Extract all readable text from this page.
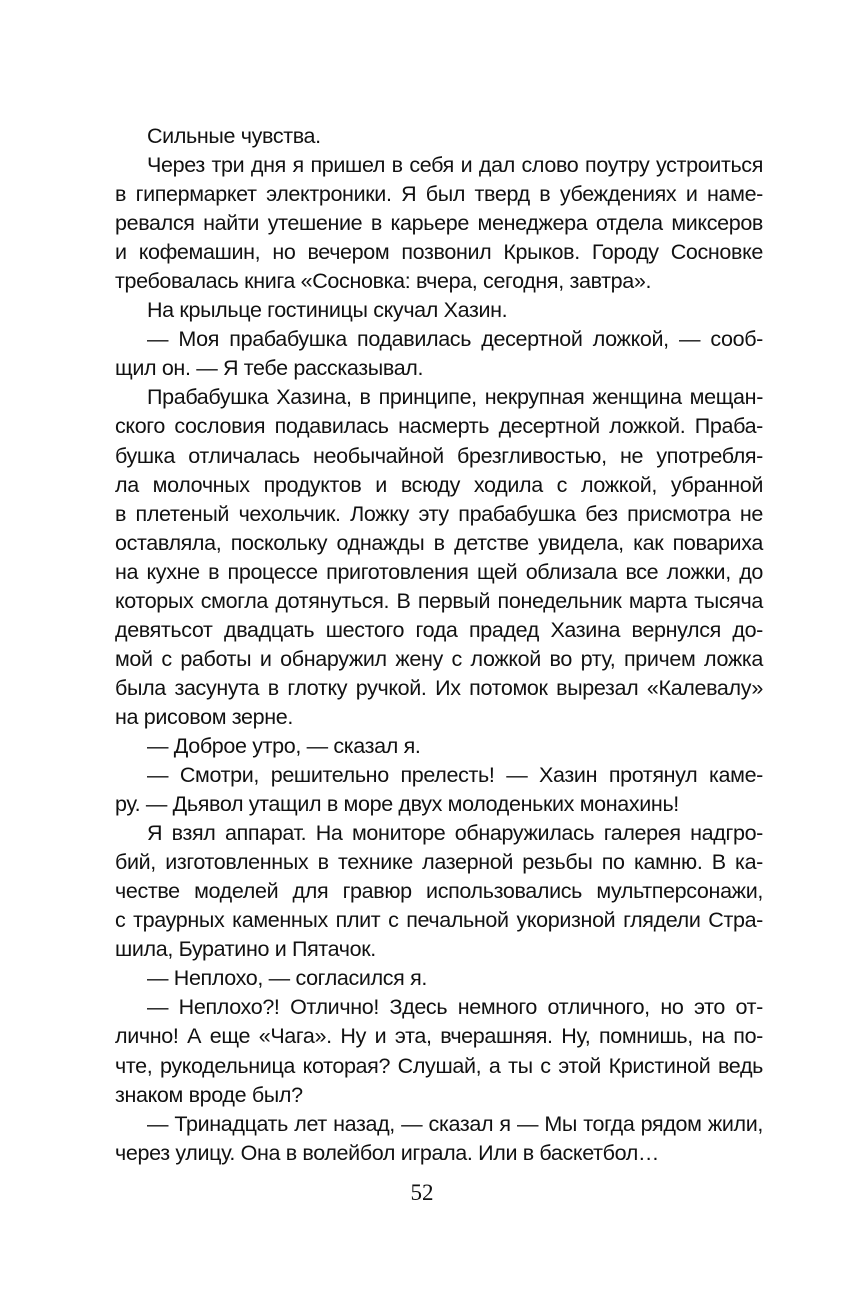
Сильные чувства.
Через три дня я пришел в себя и дал слово поутру устроиться
в гипермаркет электроники. Я был тверд в убеждениях и наме-
ревался найти утешение в карьере менеджера отдела миксеров
и кофемашин, но вечером позвонил Крыков. Городу Сосновке
требовалась книга «Сосновка: вчера, сегодня, завтра».
На крыльце гостиницы скучал Хазин.
— Моя прабабушка подавилась десертной ложкой, — сооб-
щил он. — Я тебе рассказывал.
Прабабушка Хазина, в принципе, некрупная женщина мещан-
ского сословия подавилась насмерть десертной ложкой. Праба-
бушка отличалась необычайной брезгливостью, не употребля-
ла молочных продуктов и всюду ходила с ложкой, убранной
в плетеный чехольчик. Ложку эту прабабушка без присмотра не
оставляла, поскольку однажды в детстве увидела, как повариха
на кухне в процессе приготовления щей облизала все ложки, до
которых смогла дотянуться. В первый понедельник марта тысяча
девятьсот двадцать шестого года прадед Хазина вернулся до-
мой с работы и обнаружил жену с ложкой во рту, причем ложка
была засунута в глотку ручкой. Их потомок вырезал «Калевалу»
на рисовом зерне.
— Доброе утро, — сказал я.
— Смотри, решительно прелесть! — Хазин протянул каме-
ру. — Дьявол утащил в море двух молоденьких монахинь!
Я взял аппарат. На мониторе обнаружилась галерея надгро-
бий, изготовленных в технике лазерной резьбы по камню. В ка-
честве моделей для гравюр использовались мультперсонажи,
с траурных каменных плит с печальной укоризной глядели Стра-
шила, Буратино и Пятачок.
— Неплохо, — согласился я.
— Неплохо?! Отлично! Здесь немного отличного, но это от-
лично! А еще «Чага». Ну и эта, вчерашняя. Ну, помнишь, на по-
чте, рукодельница которая? Слушай, а ты с этой Кристиной ведь
знаком вроде был?
— Тринадцать лет назад, — сказал я — Мы тогда рядом жили,
через улицу. Она в волейбол играла. Или в баскетбол…
52
